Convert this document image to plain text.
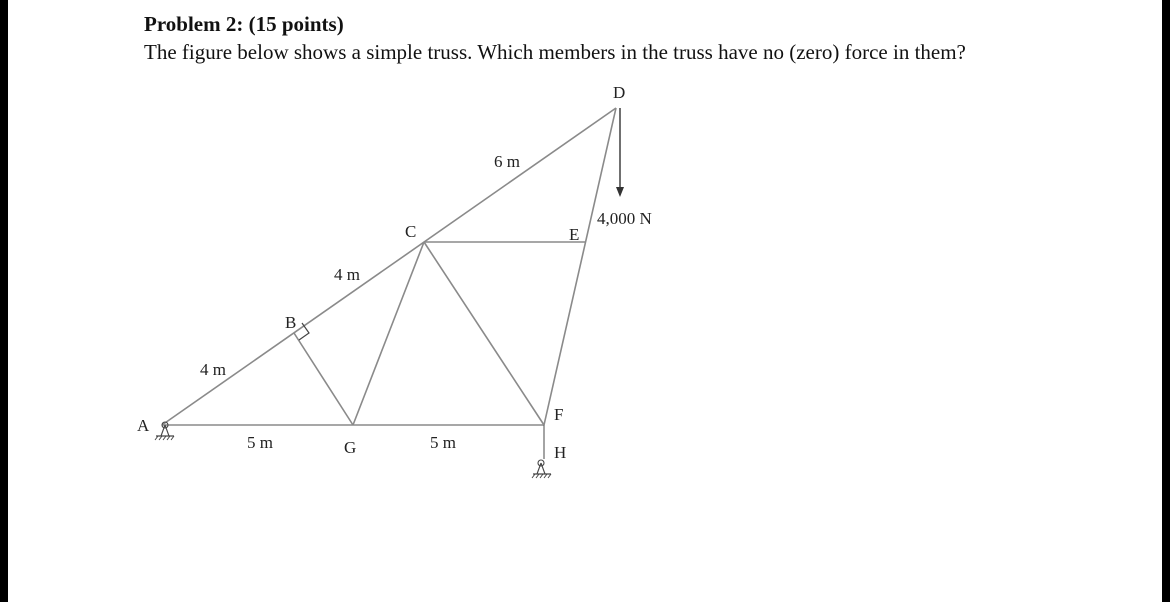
Problem 2: (15 points)
The figure below shows a simple truss. Which members in the truss have no (zero) force in them?
A
B
C
D
E
F
G	H
4 m
4 m
6 m
5 m	5 m
4,000 N
